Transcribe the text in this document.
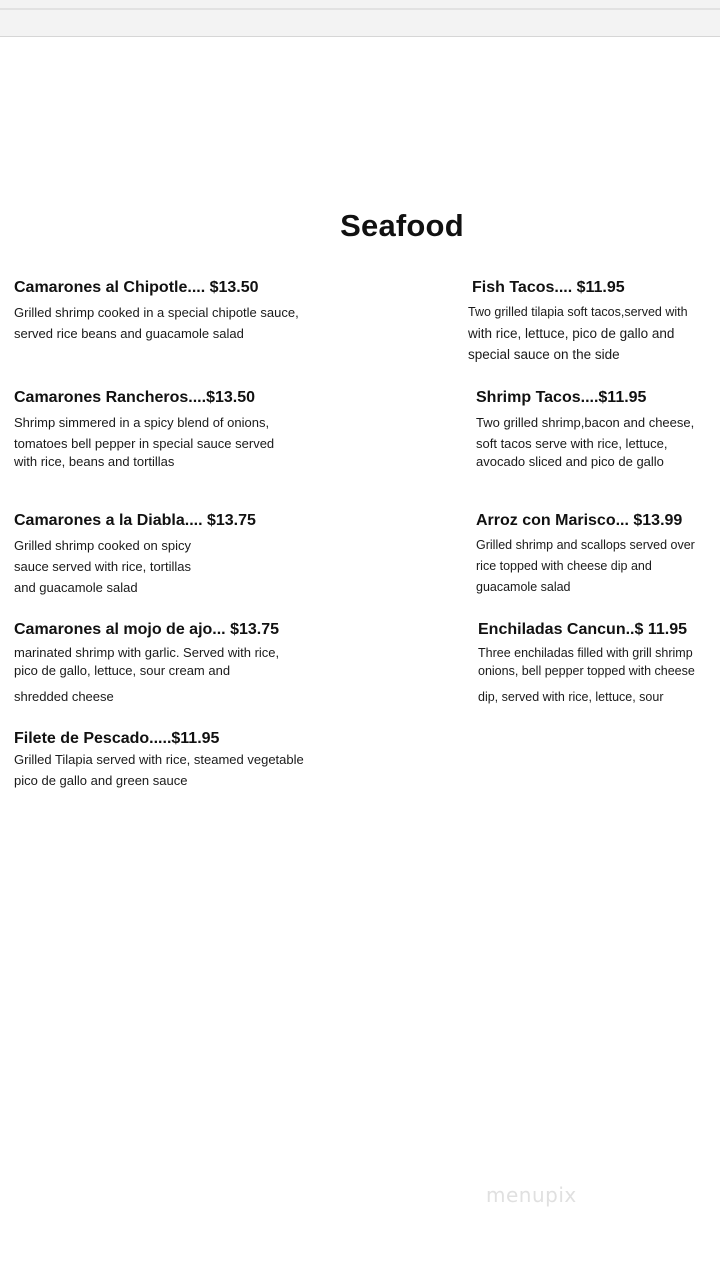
Seafood
Camarones al Chipotle.... $13.50
Grilled shrimp cooked in a special chipotle sauce,
served rice beans and guacamole salad
Camarones Rancheros....$13.50
Shrimp simmered in a spicy blend of onions,
tomatoes bell pepper in special sauce served
with rice, beans and tortillas
Camarones a la Diabla.... $13.75
Grilled shrimp cooked on spicy
sauce served with rice, tortillas
and guacamole salad
Camarones al mojo de ajo... $13.75
marinated shrimp with garlic. Served with rice,
pico de gallo, lettuce, sour cream and
shredded cheese
Filete de Pescado.....$11.95
Grilled Tilapia served with rice, steamed vegetable
pico de gallo and green sauce
Fish Tacos.... $11.95
Two grilled tilapia soft tacos,served with
with rice, lettuce, pico de gallo and
special sauce on the side
Shrimp Tacos....$11.95
Two grilled shrimp,bacon and cheese,
soft tacos serve with rice, lettuce,
avocado sliced and pico de gallo
Arroz con Marisco... $13.99
Grilled shrimp and scallops served over
rice topped with cheese dip and
guacamole salad
Enchiladas Cancun..$ 11.95
Three enchiladas filled with grill shrimp
onions, bell pepper topped with cheese
dip, served with rice, lettuce, sour
menupix
